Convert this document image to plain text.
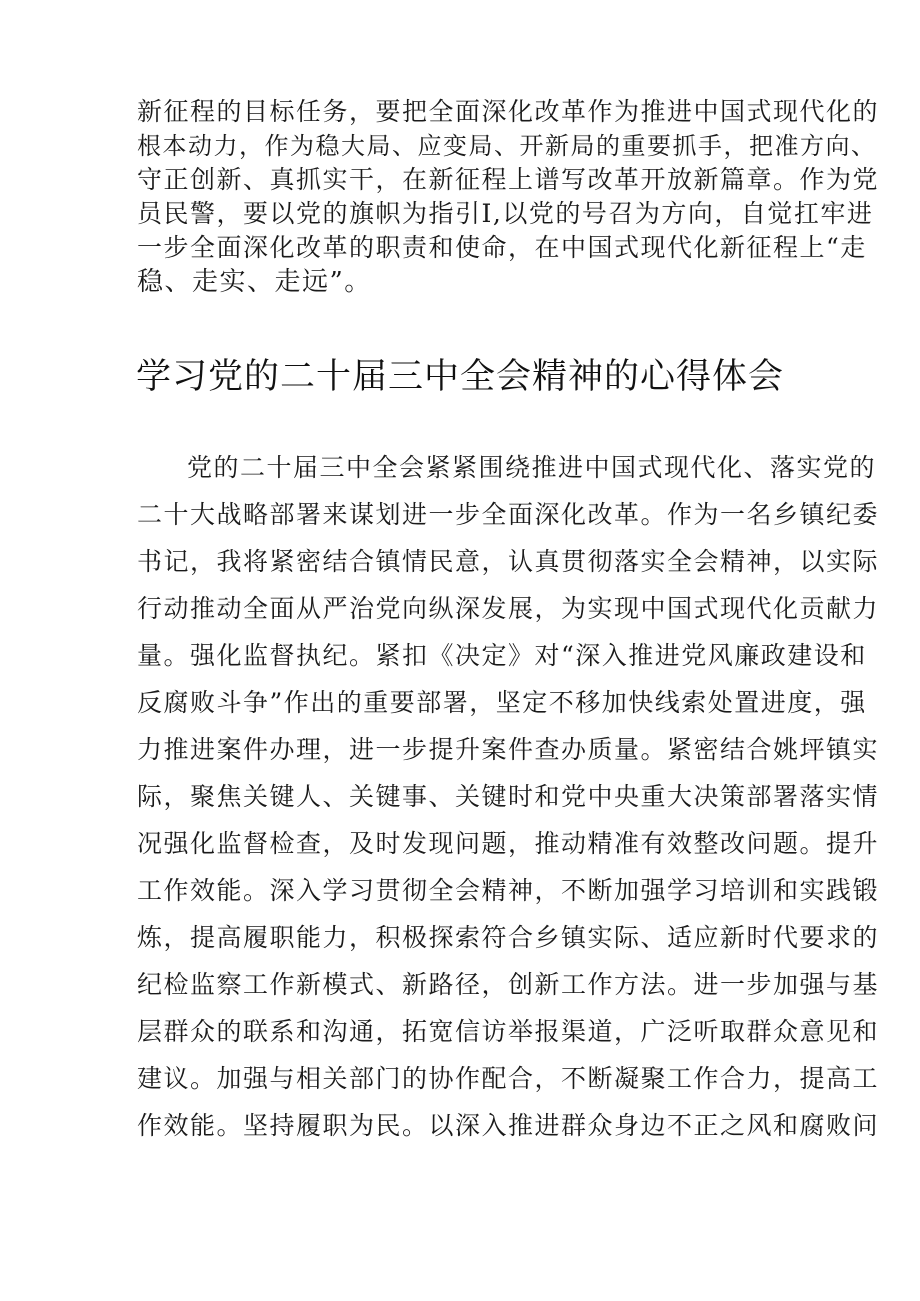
新征程的目标任务，要把全面深化改革作为推进中国式现代化的
根本动力，作为稳大局、应变局、开新局的重要抓手，把准方向、
守正创新、真抓实干，在新征程上谱写改革开放新篇章。作为党
员民警，要以党的旗帜为指引I,以党的号召为方向，自觉扛牢进
一步全面深化改革的职责和使命，在中国式现代化新征程上“走
稳、走实、走远”。
学习党的二十届三中全会精神的心得体会
党的二十届三中全会紧紧围绕推进中国式现代化、落实党的
二十大战略部署来谋划进一步全面深化改革。作为一名乡镇纪委
书记，我将紧密结合镇情民意，认真贯彻落实全会精神，以实际
行动推动全面从严治党向纵深发展，为实现中国式现代化贡献力
量。强化监督执纪。紧扣《决定》对“深入推进党风廉政建设和
反腐败斗争”作出的重要部署，坚定不移加快线索处置进度，强
力推进案件办理，进一步提升案件查办质量。紧密结合姚坪镇实
际，聚焦关键人、关键事、关键时和党中央重大决策部署落实情
况强化监督检查，及时发现问题，推动精准有效整改问题。提升
工作效能。深入学习贯彻全会精神，不断加强学习培训和实践锻
炼，提高履职能力，积极探索符合乡镇实际、适应新时代要求的
纪检监察工作新模式、新路径，创新工作方法。进一步加强与基
层群众的联系和沟通，拓宽信访举报渠道，广泛听取群众意见和
建议。加强与相关部门的协作配合，不断凝聚工作合力，提高工
作效能。坚持履职为民。以深入推进群众身边不正之风和腐败问
